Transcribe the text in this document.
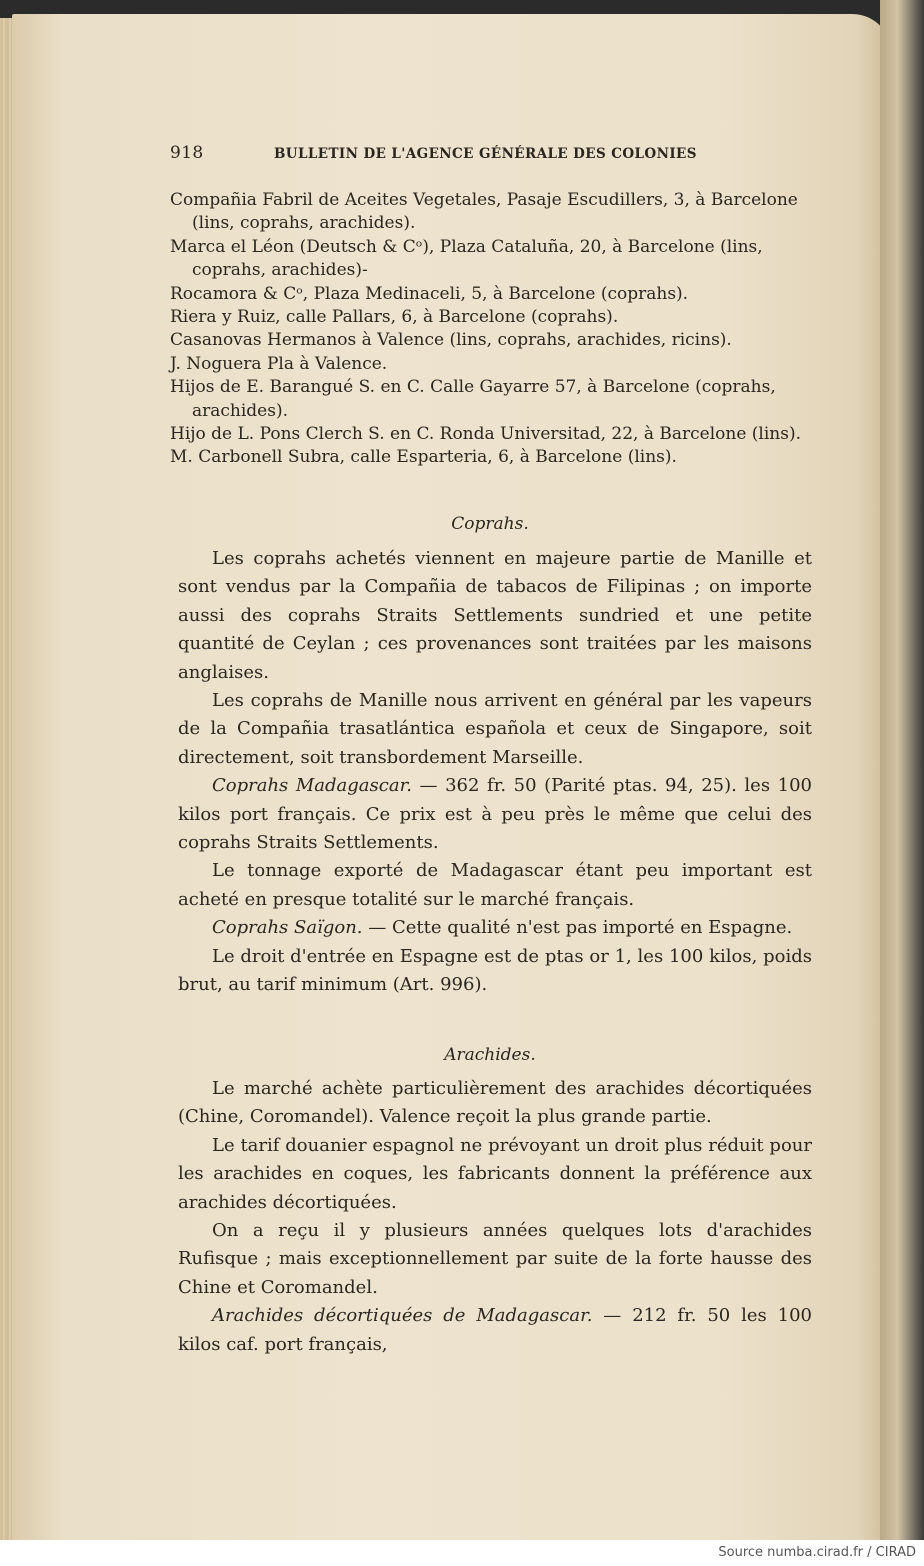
918	BULLETIN DE L'AGENCE GÉNÉRALE DES COLONIES

Compañia Fabril de Aceites Vegetales, Pasaje Escudillers, 3, à Barcelone (lins, coprahs, arachides).

Marca el Léon (Deutsch & Cᵒ), Plaza Cataluña, 20, à Barcelone (lins, coprahs, arachides)-

Rocamora & Cᵒ, Plaza Medinaceli, 5, à Barcelone (coprahs).

Riera y Ruiz, calle Pallars, 6, à Barcelone (coprahs).

Casanovas Hermanos à Valence (lins, coprahs, arachides, ricins).

J. Noguera Pla à Valence.

Hijos de E. Barangué S. en C. Calle Gayarre 57, à Barcelone (coprahs, arachides).

Hijo de L. Pons Clerch S. en C. Ronda Universitad, 22, à Barcelone (lins).

M. Carbonell Subra, calle Esparteria, 6, à Barcelone (lins).

Coprahs.

Les coprahs achetés viennent en majeure partie de Manille et sont vendus par la Compañia de tabacos de Filipinas ; on importe aussi des coprahs Straits Settlements sundried et une petite quantité de Ceylan ; ces provenances sont traitées par les maisons anglaises.

Les coprahs de Manille nous arrivent en général par les vapeurs de la Compañia trasatlántica española et ceux de Singapore, soit directement, soit transbordement Marseille.

Coprahs Madagascar. — 362 fr. 50 (Parité ptas. 94, 25). les 100 kilos port français. Ce prix est à peu près le même que celui des coprahs Straits Settlements.

Le tonnage exporté de Madagascar étant peu important est acheté en presque totalité sur le marché français.

Coprahs Saïgon. — Cette qualité n'est pas importé en Espagne.

Le droit d'entrée en Espagne est de ptas or 1, les 100 kilos, poids brut, au tarif minimum (Art. 996).

Arachides.

Le marché achète particulièrement des arachides décortiquées (Chine, Coromandel). Valence reçoit la plus grande partie.

Le tarif douanier espagnol ne prévoyant un droit plus réduit pour les arachides en coques, les fabricants donnent la préférence aux arachides décortiquées.

On a reçu il y plusieurs années quelques lots d'arachides Rufisque ; mais exceptionnellement par suite de la forte hausse des Chine et Coromandel.

Arachides décortiquées de Madagascar. — 212 fr. 50 les 100 kilos caf. port français,

Source numba.cirad.fr / CIRAD
